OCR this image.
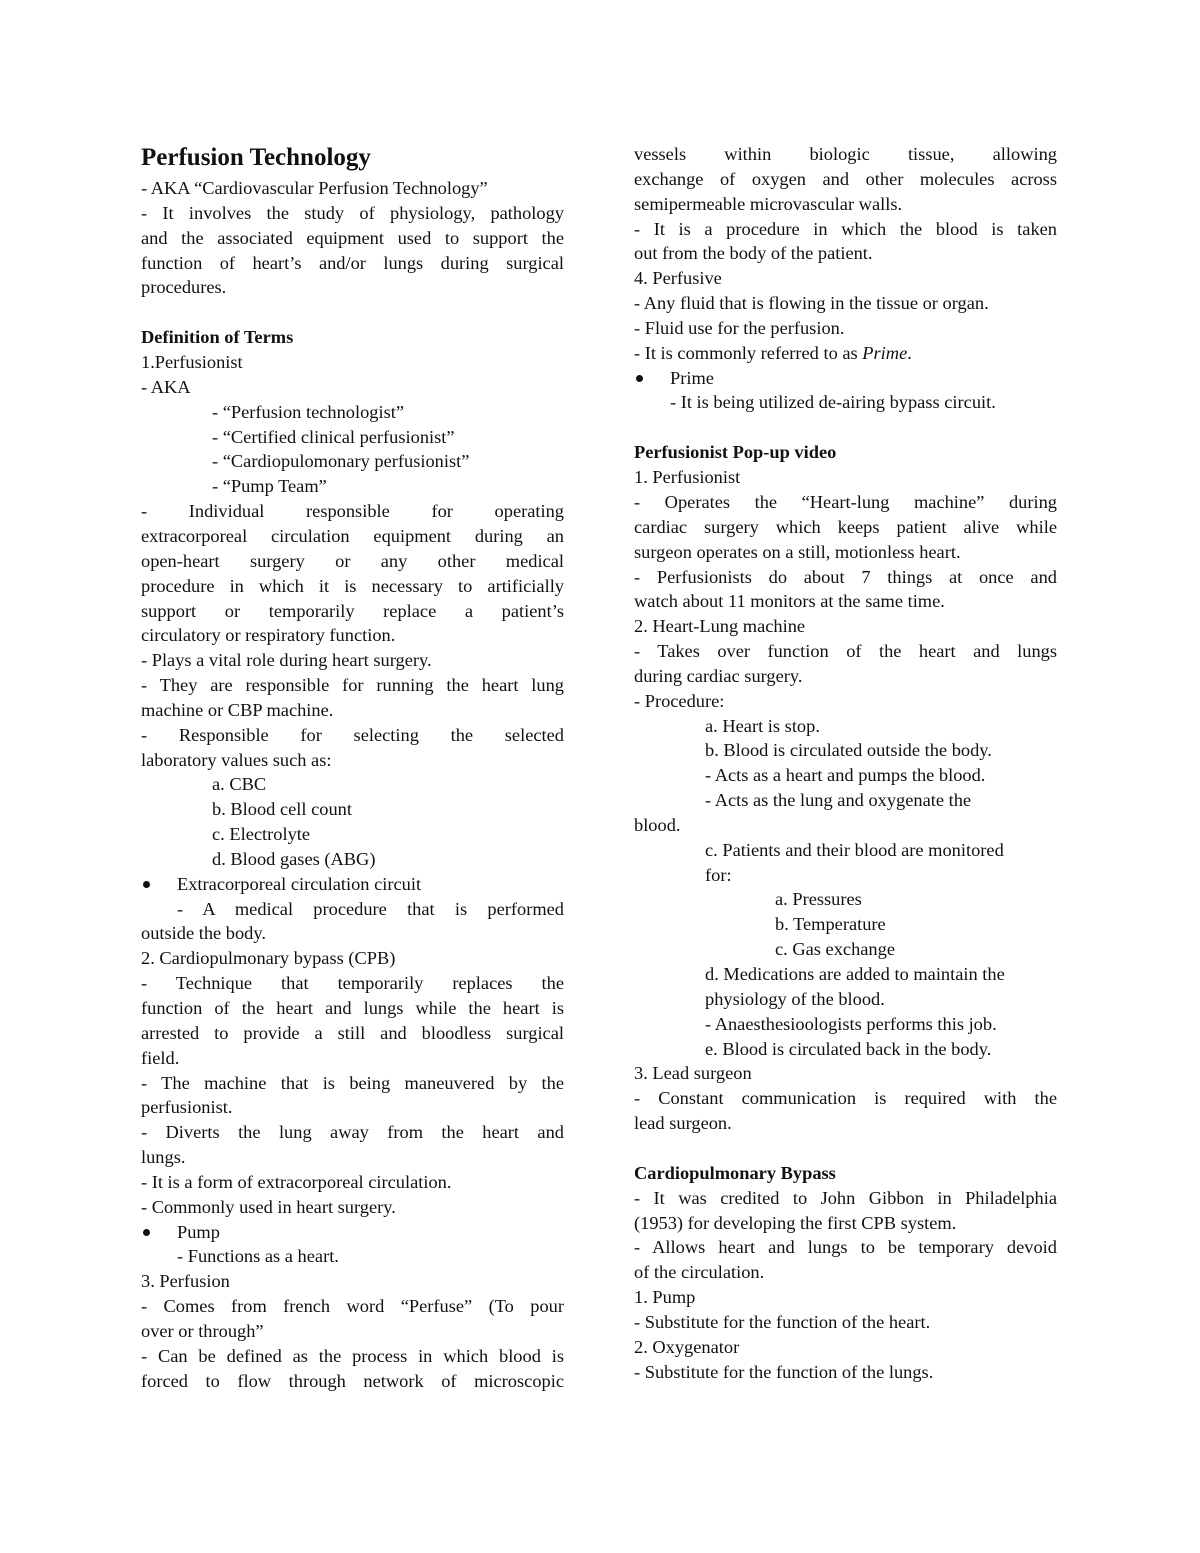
Perfusion Technology
- AKA “Cardiovascular Perfusion Technology”
- It involves the study of physiology, pathology
and the associated equipment used to support the
function of heart’s and/or lungs during surgical
procedures.
Definition of Terms
1.Perfusionist
- AKA
- “Perfusion technologist”
- “Certified clinical perfusionist”
- “Cardiopulomonary perfusionist”
- “Pump Team”
- Individual responsible for operating
extracorporeal circulation equipment during an
open-heart surgery or any other medical
procedure in which it is necessary to artificially
support or temporarily replace a patient’s
circulatory or respiratory function.
- Plays a vital role during heart surgery.
- They are responsible for running the heart lung
machine or CBP machine.
- Responsible for selecting the selected
laboratory values such as:
a. CBC
b. Blood cell count
c. Electrolyte
d. Blood gases (ABG)
Extracorporeal circulation circuit
- A medical procedure that is performed
outside the body.
2. Cardiopulmonary bypass (CPB)
- Technique that temporarily replaces the
function of the heart and lungs while the heart is
arrested to provide a still and bloodless surgical
field.
- The machine that is being maneuvered by the
perfusionist.
- Diverts the lung away from the heart and
lungs.
- It is a form of extracorporeal circulation.
- Commonly used in heart surgery.
Pump
- Functions as a heart.
3. Perfusion
- Comes from french word “Perfuse” (To pour
over or through”
- Can be defined as the process in which blood is
forced to flow through network of microscopic
vessels within biologic tissue, allowing
exchange of oxygen and other molecules across
semipermeable microvascular walls.
- It is a procedure in which the blood is taken
out from the body of the patient.
4. Perfusive
- Any fluid that is flowing in the tissue or organ.
- Fluid use for the perfusion.
- It is commonly referred to as Prime.
Prime
- It is being utilized de-airing bypass circuit.
Perfusionist Pop-up video
1. Perfusionist
- Operates the “Heart-lung machine” during
cardiac surgery which keeps patient alive while
surgeon operates on a still, motionless heart.
- Perfusionists do about 7 things at once and
watch about 11 monitors at the same time.
2. Heart-Lung machine
- Takes over function of the heart and lungs
during cardiac surgery.
- Procedure:
a. Heart is stop.
b. Blood is circulated outside the body.
- Acts as a heart and pumps the blood.
- Acts as the lung and oxygenate the
blood.
c. Patients and their blood are monitored
for:
a. Pressures
b. Temperature
c. Gas exchange
d. Medications are added to maintain the
physiology of the blood.
- Anaesthesioologists performs this job.
e. Blood is circulated back in the body.
3. Lead surgeon
- Constant communication is required with the
lead surgeon.
Cardiopulmonary Bypass
- It was credited to John Gibbon in Philadelphia
(1953) for developing the first CPB system.
- Allows heart and lungs to be temporary devoid
of the circulation.
1. Pump
- Substitute for the function of the heart.
2. Oxygenator
- Substitute for the function of the lungs.
